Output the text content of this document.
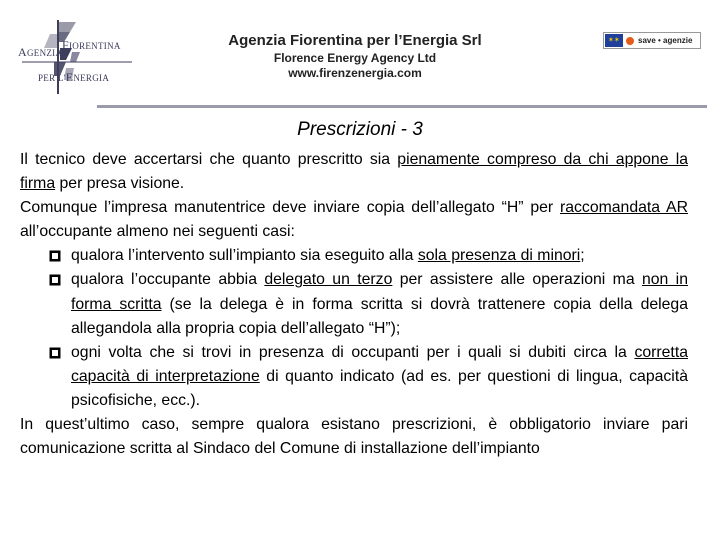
AGENZIA
FIORENTINA
PER L'ENERGIA
Agenzia Fiorentina per l’Energia Srl
Florence Energy Agency Ltd
www.firenzenergia.com
✶✶ save • agenzie
Prescrizioni - 3

Il tecnico deve accertarsi che quanto prescritto sia pienamente compreso da chi appone la firma per presa visione.

Comunque l’impresa manutentrice deve inviare copia dell’allegato “H” per raccomandata AR all’occupante almeno nei seguenti casi:

qualora l’intervento sull’impianto sia eseguito alla sola presenza di minori;
qualora l’occupante abbia delegato un terzo per assistere alle operazioni ma non in forma scritta (se la delega è in forma scritta si dovrà trattenere copia della delega allegandola alla propria copia dell’allegato “H”);
ogni volta che si trovi in presenza di occupanti per i quali si dubiti circa la corretta capacità di interpretazione di quanto indicato (ad es. per questioni di lingua, capacità psicofisiche, ecc.).

In quest’ultimo caso, sempre qualora esistano prescrizioni, è obbligatorio inviare pari comunicazione scritta al Sindaco del Comune di installazione dell’impianto
